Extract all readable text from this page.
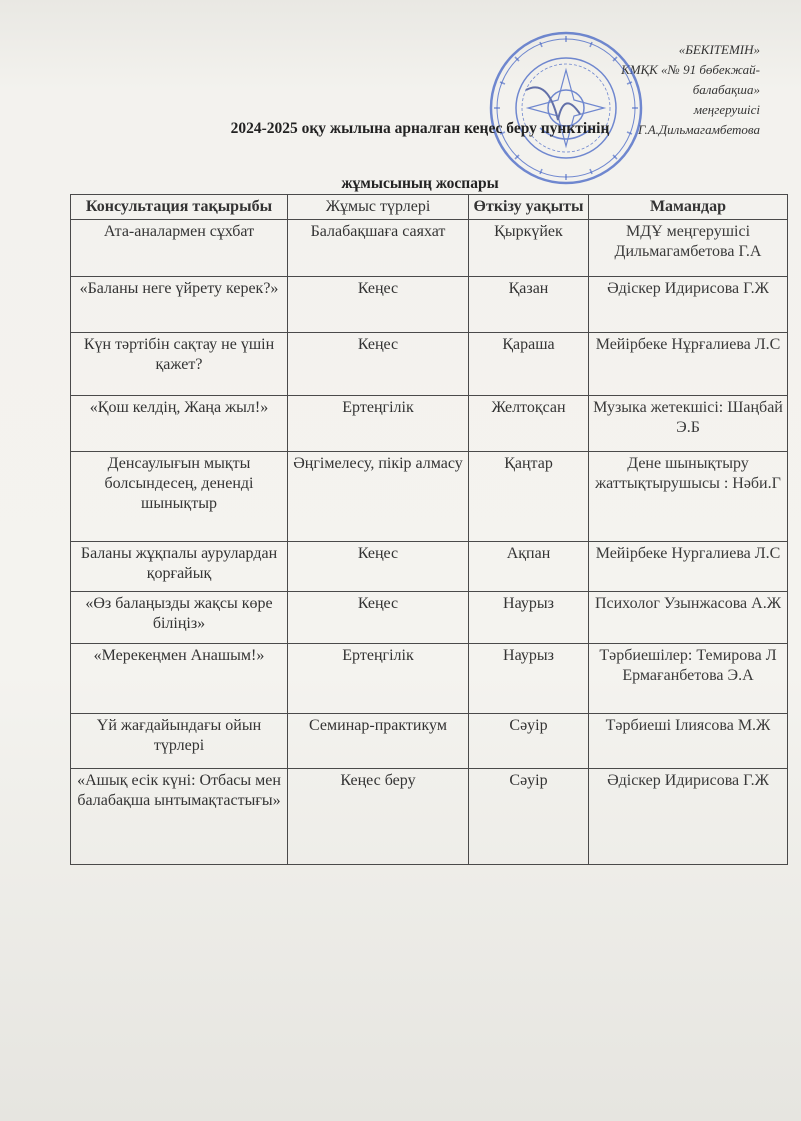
«БЕКІТЕМІН»
КМҚК «№ 91 бөбекжай-балабақша»
меңгерушісі
Г.А.Дильмагамбетова
2024-2025 оқу жылына арналған кеңес беру пунктінің
жұмысының жоспары
Консультация тақырыбы	Жұмыс түрлері	Өткізу уақыты	Мамандар
Ата-аналармен сұхбат	Балабақшаға саяхат	Қыркүйек	МДҰ меңгерушісі Дильмагамбетова Г.А
«Баланы неге үйрету керек?»	Кеңес	Қазан	Әдіскер Идирисова Г.Ж
Күн тәртібін сақтау не үшін қажет?	Кеңес	Қараша	Мейірбеке Нұрғалиева Л.С
«Қош келдің, Жаңа жыл!»	Ертеңгілік	Желтоқсан	Музыка жетекшісі: Шаңбай Э.Б
Денсаулығын мықты болсындесең, дененді шынықтыр	Әңгімелесу, пікір алмасу	Қаңтар	Дене шынықтыру жаттықтырушысы : Нәби.Г
Баланы жұқпалы аурулардан қорғайық	Кеңес	Ақпан	Мейірбеке Нургалиева Л.С
«Өз балаңызды жақсы көре біліңіз»	Кеңес	Наурыз	Психолог Узынжасова А.Ж
«Мерекеңмен Анашым!»	Ертеңгілік	Наурыз	Тәрбиешілер: Темирова Л Ермағанбетова Э.А
Үй жағдайындағы ойын түрлері	Семинар-практикум	Сәуір	Тәрбиеші Ілиясова М.Ж
«Ашық есік күні: Отбасы мен балабақша ынтымақтастығы»	Кеңес беру	Сәуір	Әдіскер Идирисова Г.Ж
